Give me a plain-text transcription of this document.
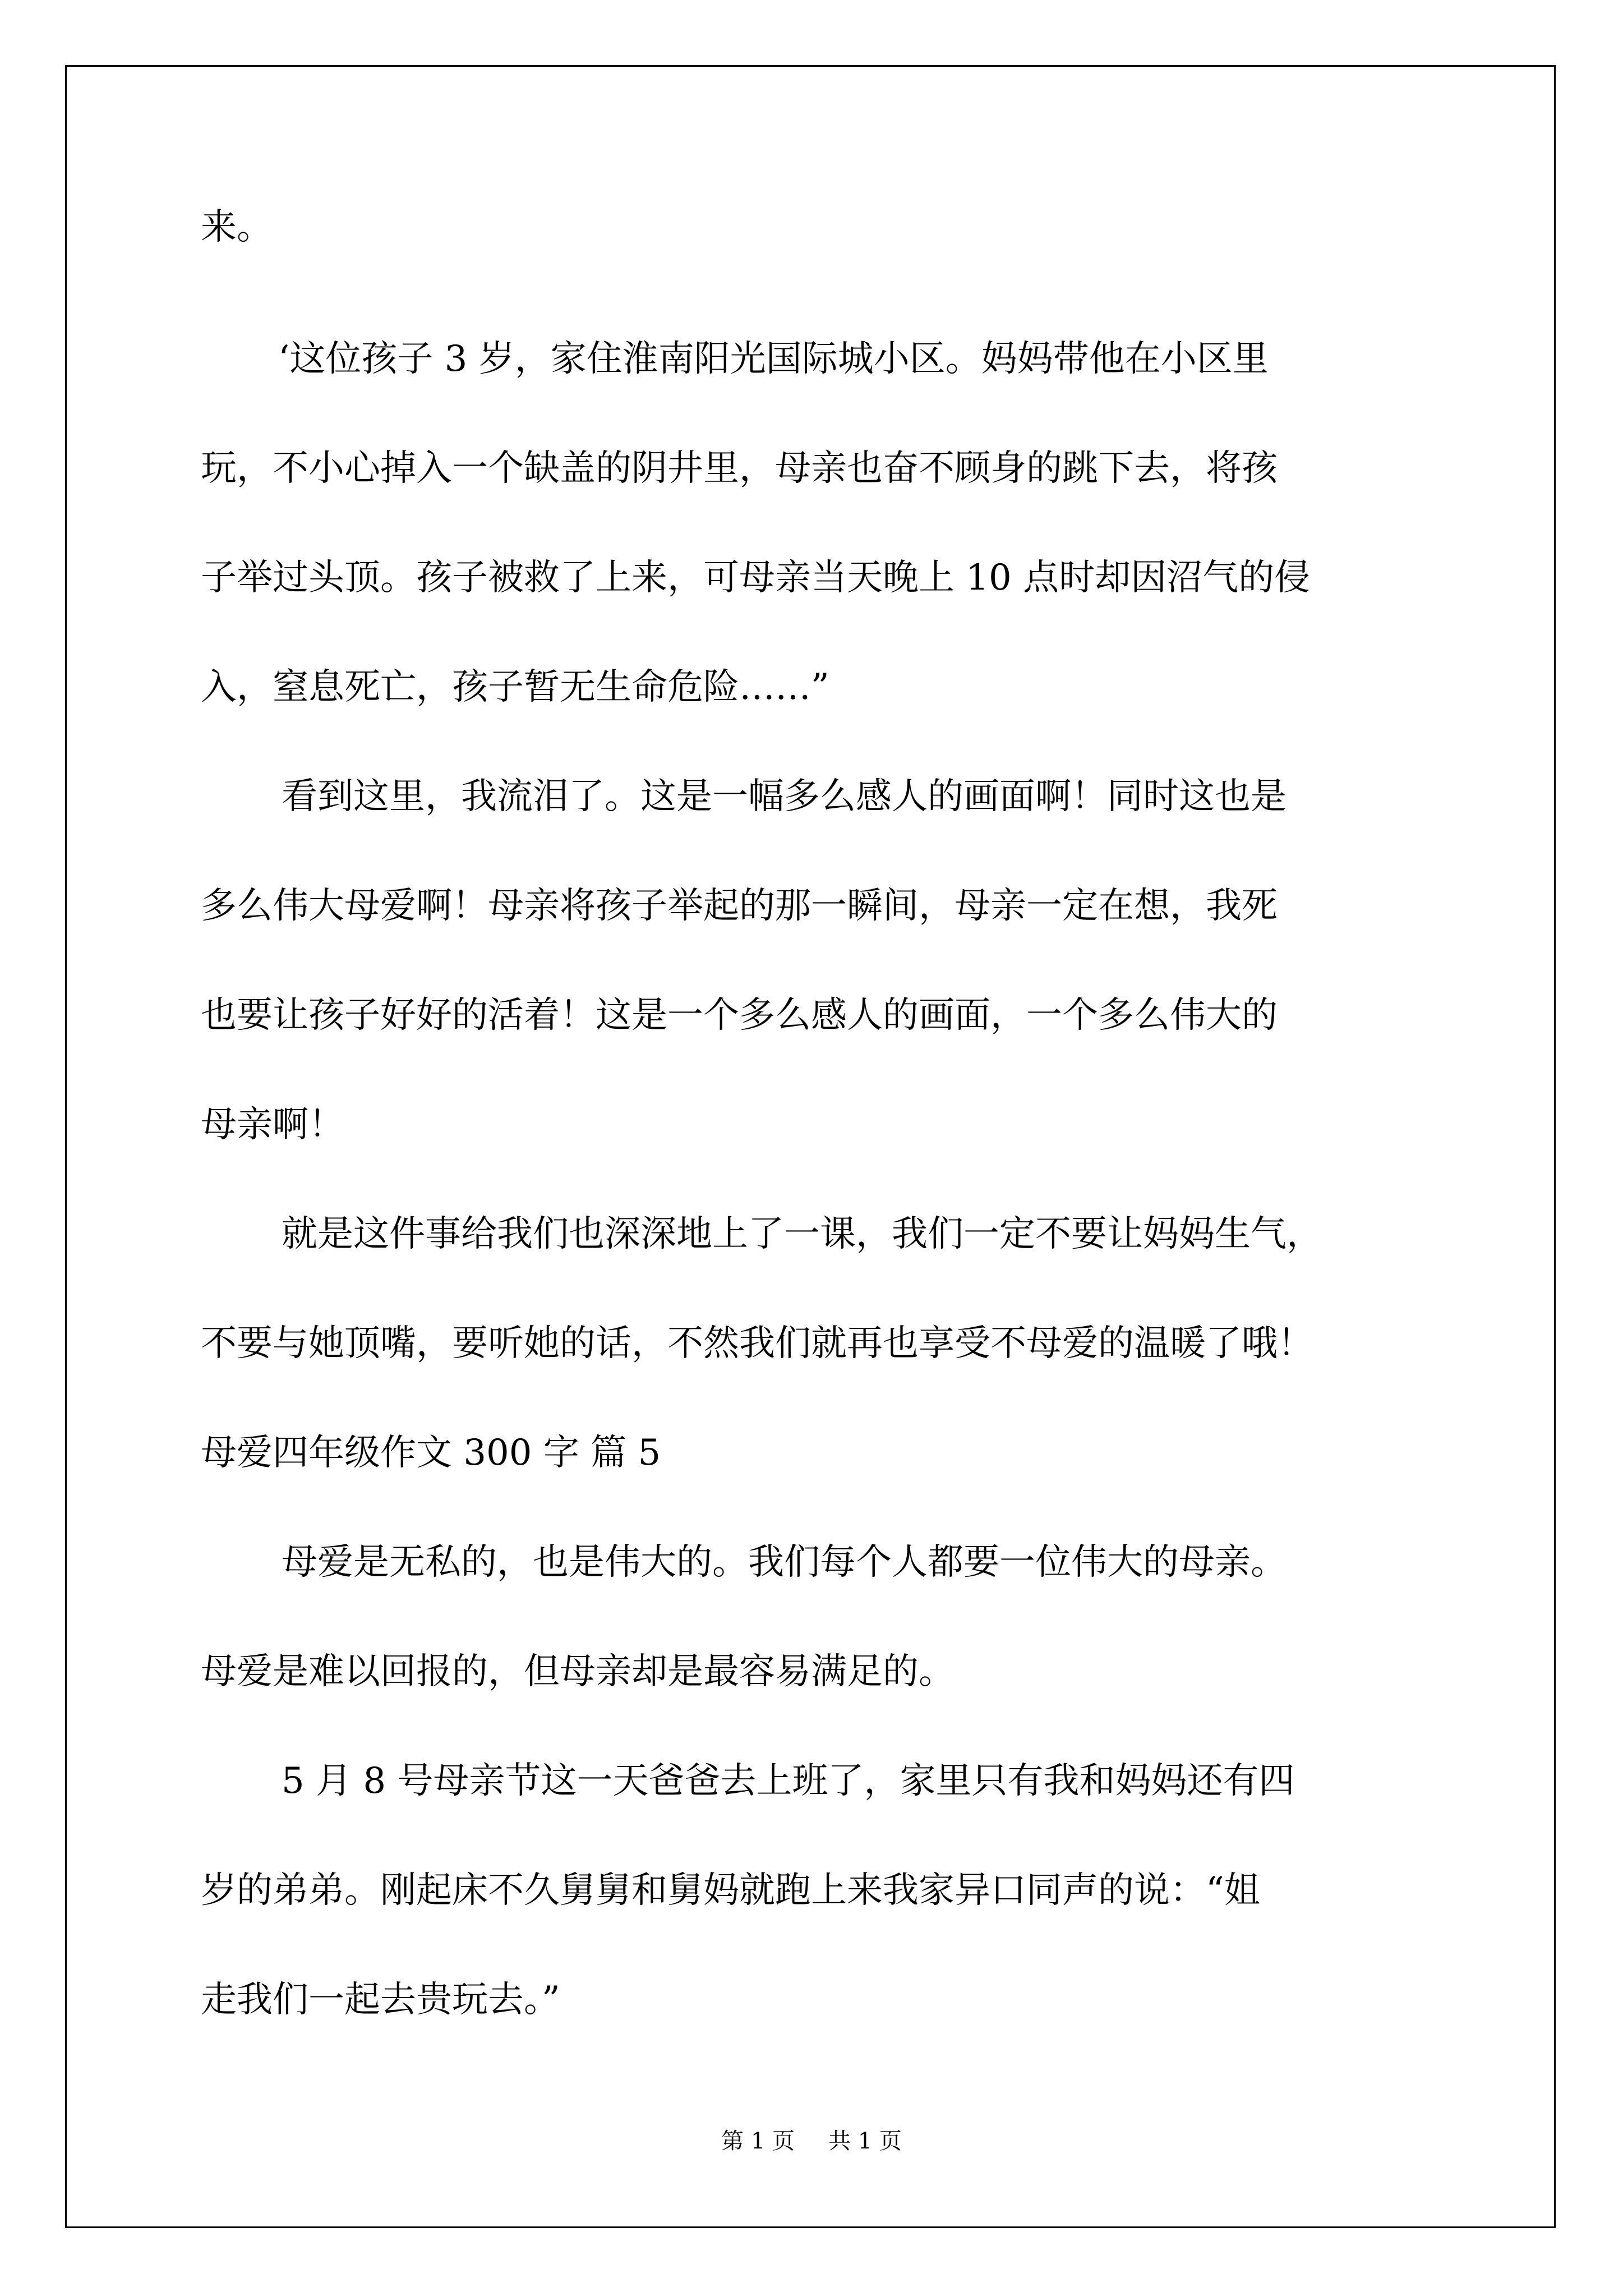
来。
‘这位孩子 3 岁，家住淮南阳光国际城小区。妈妈带他在小区里
玩，不小心掉入一个缺盖的阴井里，母亲也奋不顾身的跳下去，将孩
子举过头顶。孩子被救了上来，可母亲当天晚上 10 点时却因沼气的侵
入，窒息死亡，孩子暂无生命危险……”
看到这里，我流泪了。这是一幅多么感人的画面啊！同时这也是
多么伟大母爱啊！母亲将孩子举起的那一瞬间，母亲一定在想，我死
也要让孩子好好的活着！这是一个多么感人的画面，一个多么伟大的
母亲啊！
就是这件事给我们也深深地上了一课，我们一定不要让妈妈生气，
不要与她顶嘴，要听她的话，不然我们就再也享受不母爱的温暖了哦！
母爱四年级作文 300 字 篇 5
母爱是无私的，也是伟大的。我们每个人都要一位伟大的母亲。
母爱是难以回报的，但母亲却是最容易满足的。
5 月 8 号母亲节这一天爸爸去上班了，家里只有我和妈妈还有四
岁的弟弟。刚起床不久舅舅和舅妈就跑上来我家异口同声的说：“姐
走我们一起去贵玩去。”
第 1 页 共 1 页
